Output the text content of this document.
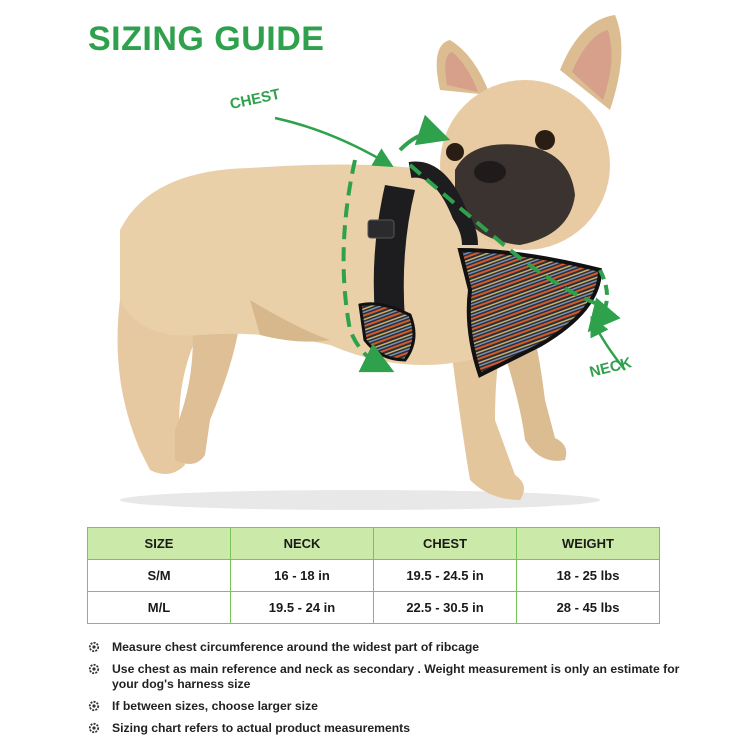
SIZING GUIDE
CHEST
NECK
SIZE	NECK	CHEST	WEIGHT
S/M	16 - 18 in	19.5 - 24.5 in	18 - 25 lbs
M/L	19.5 - 24 in	22.5 - 30.5 in	28 - 45 lbs
Measure chest circumference around the widest part of ribcage
Use chest as main reference and neck as secondary . Weight measurement is only an estimate for your dog's harness size
If between sizes, choose larger size
Sizing chart refers to actual product measurements
